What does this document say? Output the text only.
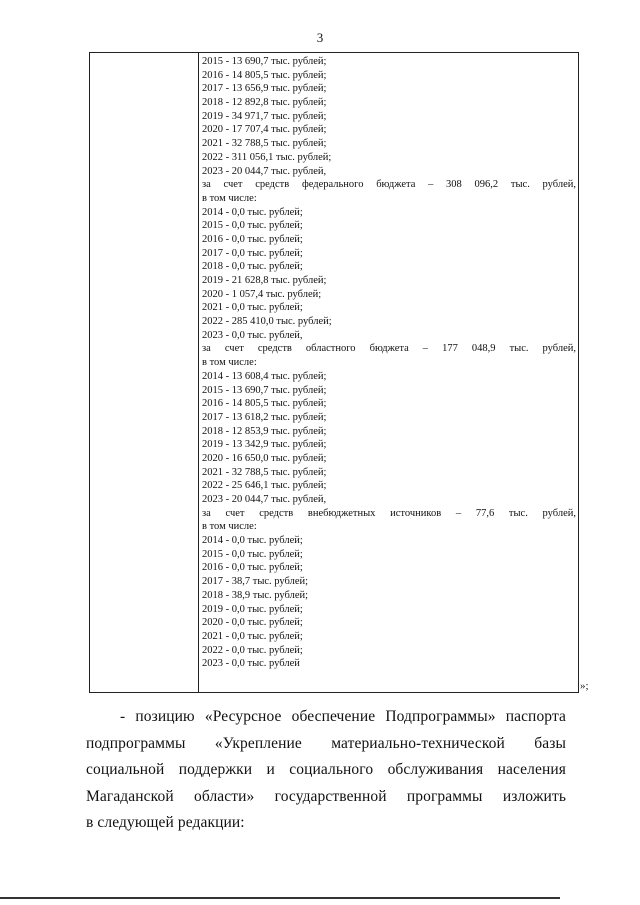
3
2015 - 13 690,7 тыс. рублей;
2016 - 14 805,5 тыс. рублей;
2017 - 13 656,9 тыс. рублей;
2018 - 12 892,8 тыс. рублей;
2019 - 34 971,7 тыс. рублей;
2020 - 17 707,4 тыс. рублей;
2021 - 32 788,5 тыс. рублей;
2022 - 311 056,1 тыс. рублей;
2023 - 20 044,7 тыс. рублей,
за счет средств федерального бюджета – 308 096,2 тыс. рублей,
в том числе:
2014 - 0,0 тыс. рублей;
2015 - 0,0 тыс. рублей;
2016 - 0,0 тыс. рублей;
2017 - 0,0 тыс. рублей;
2018 - 0,0 тыс. рублей;
2019 - 21 628,8 тыс. рублей;
2020 - 1 057,4 тыс. рублей;
2021 - 0,0 тыс. рублей;
2022 - 285 410,0 тыс. рублей;
2023 - 0,0 тыс. рублей,
за счет средств областного бюджета – 177 048,9 тыс. рублей,
в том числе:
2014 - 13 608,4 тыс. рублей;
2015 - 13 690,7 тыс. рублей;
2016 - 14 805,5 тыс. рублей;
2017 - 13 618,2 тыс. рублей;
2018 - 12 853,9 тыс. рублей;
2019 - 13 342,9 тыс. рублей;
2020 - 16 650,0 тыс. рублей;
2021 - 32 788,5 тыс. рублей;
2022 - 25 646,1 тыс. рублей;
2023 - 20 044,7 тыс. рублей,
за счет средств внебюджетных источников – 77,6 тыс. рублей,
в том числе:
2014 - 0,0 тыс. рублей;
2015 - 0,0 тыс. рублей;
2016 - 0,0 тыс. рублей;
2017 - 38,7 тыс. рублей;
2018 - 38,9 тыс. рублей;
2019 - 0,0 тыс. рублей;
2020 - 0,0 тыс. рублей;
2021 - 0,0 тыс. рублей;
2022 - 0,0 тыс. рублей;
2023 - 0,0 тыс. рублей
»;
- позицию «Ресурсное обеспечение Подпрограммы» паспорта
подпрограммы «Укрепление материально-технической базы
социальной поддержки и социального обслуживания населения
Магаданской области» государственной программы изложить
в следующей редакции:
